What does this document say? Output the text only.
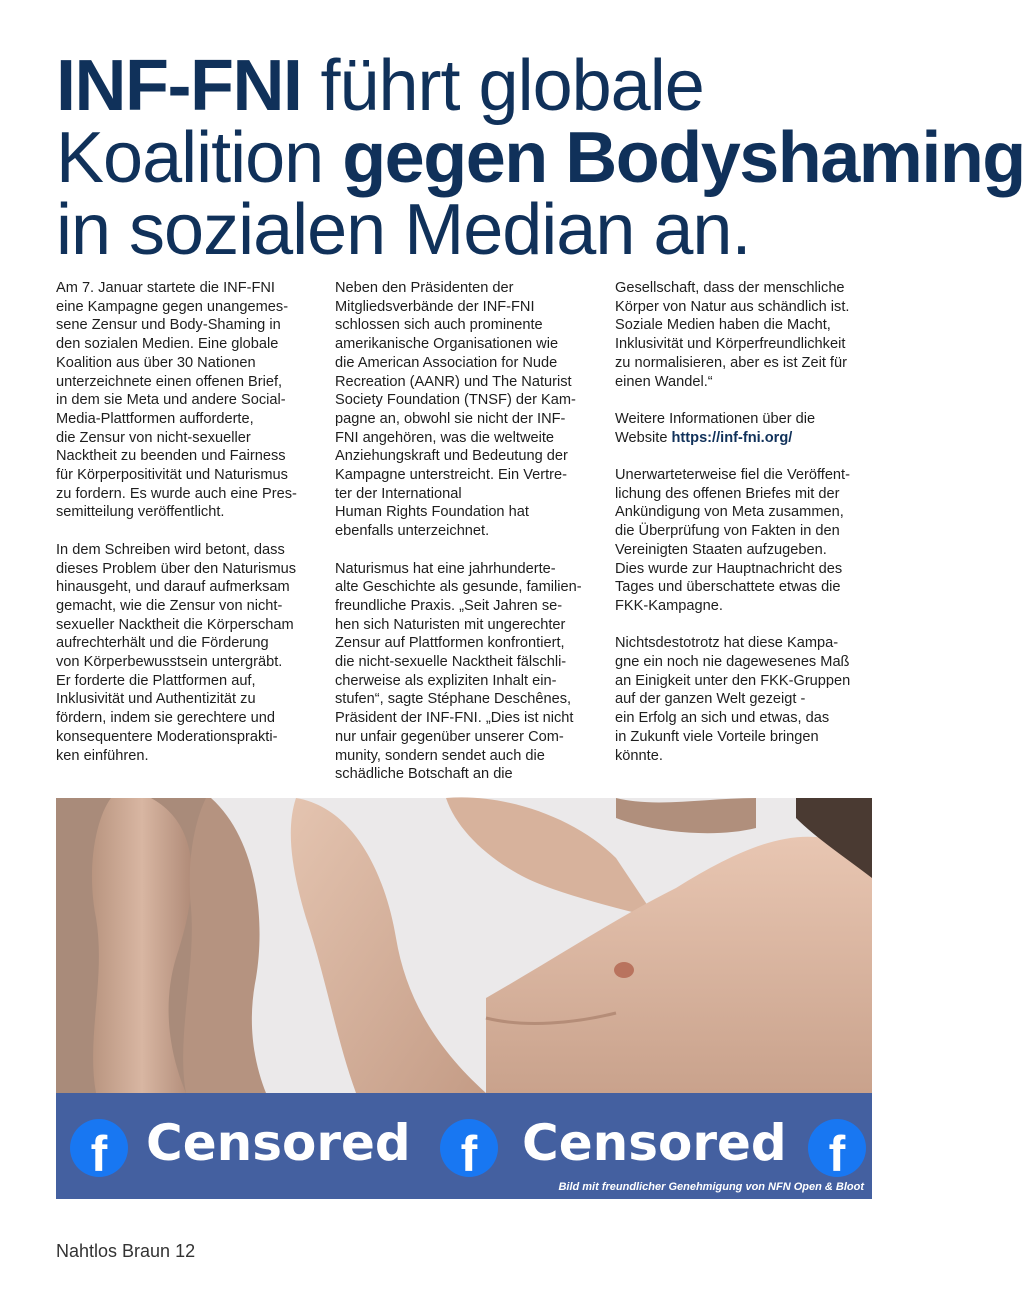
INF-FNI führt globale
Koalition gegen Bodyshaming
in sozialen Median an.

Am 7. Januar startete die INF-FNI
eine Kampagne gegen unangemes-
sene Zensur und Body-Shaming in
den sozialen Medien. Eine globale
Koalition aus über 30 Nationen
unterzeichnete einen offenen Brief,
in dem sie Meta und andere Social-
Media-Plattformen aufforderte,
die Zensur von nicht-sexueller
Nacktheit zu beenden und Fairness
für Körperpositivität und Naturismus
zu fordern. Es wurde auch eine Pres-
semitteilung veröffentlicht.

In dem Schreiben wird betont, dass
dieses Problem über den Naturismus
hinausgeht, und darauf aufmerksam
gemacht, wie die Zensur von nicht-
sexueller Nacktheit die Körperscham
aufrechterhält und die Förderung
von Körperbewusstsein untergräbt.
Er forderte die Plattformen auf,
Inklusivität und Authentizität zu
fördern, indem sie gerechtere und
konsequentere Moderationsprakti-
ken einführen.

Neben den Präsidenten der
Mitgliedsverbände der INF-FNI
schlossen sich auch prominente
amerikanische Organisationen wie
die American Association for Nude
Recreation (AANR) und The Naturist
Society Foundation (TNSF) der Kam-
pagne an, obwohl sie nicht der INF-
FNI angehören, was die weltweite
Anziehungskraft und Bedeutung der
Kampagne unterstreicht. Ein Vertre-
ter der International
Human Rights Foundation hat
ebenfalls unterzeichnet.

Naturismus hat eine jahrhunderte-
alte Geschichte als gesunde, familien-
freundliche Praxis. „Seit Jahren se-
hen sich Naturisten mit ungerechter
Zensur auf Plattformen konfrontiert,
die nicht-sexuelle Nacktheit fälschli-
cherweise als expliziten Inhalt ein-
stufen“, sagte Stéphane Deschênes,
Präsident der INF-FNI. „Dies ist nicht
nur unfair gegenüber unserer Com-
munity, sondern sendet auch die
schädliche Botschaft an die

Gesellschaft, dass der menschliche
Körper von Natur aus schändlich ist.
Soziale Medien haben die Macht,
Inklusivität und Körperfreundlichkeit
zu normalisieren, aber es ist Zeit für
einen Wandel.“

Weitere Informationen über die
Website https://inf-fni.org/

Unerwarteterweise fiel die Veröffent-
lichung des offenen Briefes mit der
Ankündigung von Meta zusammen,
die Überprüfung von Fakten in den
Vereinigten Staaten aufzugeben.
Dies wurde zur Hauptnachricht des
Tages und überschattete etwas die
FKK-Kampagne.

Nichtsdestotrotz hat diese Kampa-
gne ein noch nie dagewesenes Maß
an Einigkeit unter den FKK-Gruppen
auf der ganzen Welt gezeigt -
ein Erfolg an sich und etwas, das
in Zukunft viele Vorteile bringen
könnte.

f Censored f Censored f
Bild mit freundlicher Genehmigung von NFN Open & Bloot
Nahtlos Braun 12
